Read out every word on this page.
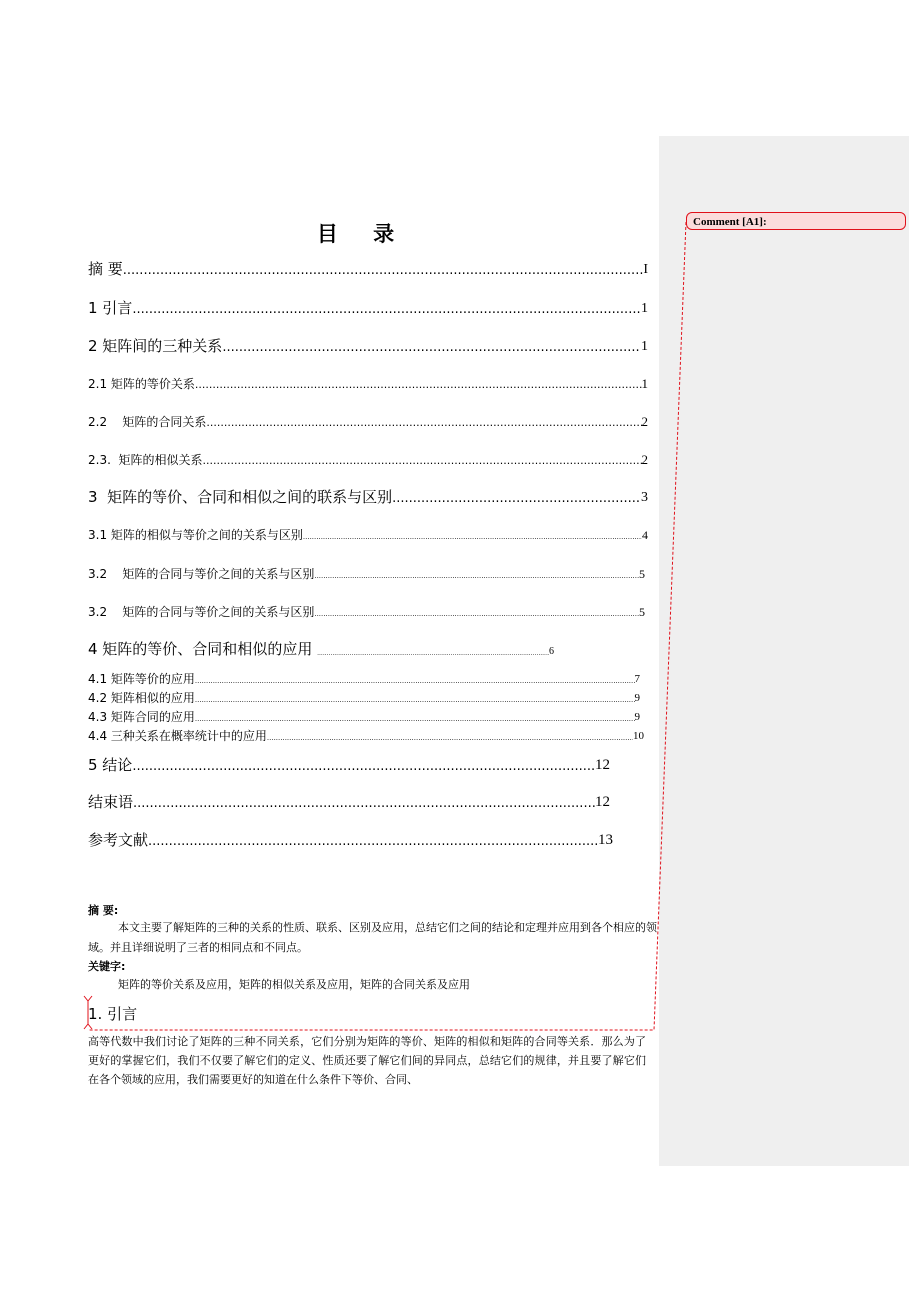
Comment [A1]:
目 录
摘 要 .....	I
1 引言 .....	1
2 矩阵间的三种关系 .....	1
2.1 矩阵的等价关系 .....	1
2.2    矩阵的合同关系 .....	2
2.3.  矩阵的相似关系 .....	2
3  矩阵的等价、合同和相似之间的联系与区别 .....	3
3.1 矩阵的相似与等价之间的关系与区别 .....	4
3.2    矩阵的合同与等价之间的关系与区别 .....	5
3.2    矩阵的合同与等价之间的关系与区别 .....	5
4 矩阵的等价、合同和相似的应用 .....	6
4.1 矩阵等价的应用 .....	7
4.2 矩阵相似的应用 .....	9
4.3 矩阵合同的应用 .....	9
4.4 三种关系在概率统计中的应用 .....	10
5 结论 .....	12
结束语 .....	12
参考文献 .....	13
摘 要:
本文主要了解矩阵的三种的关系的性质、联系、区别及应用，总结它们之间的结论和定理并应用到各个相应的领域。并且详细说明了三者的相同点和不同点。
关键字:
矩阵的等价关系及应用，矩阵的相似关系及应用，矩阵的合同关系及应用
1. 引言
高等代数中我们讨论了矩阵的三种不同关系，它们分别为矩阵的等价、矩阵的相似和矩阵的合同等关系．那么为了更好的掌握它们，我们不仅要了解它们的定义、性质还要了解它们间的异同点，总结它们的规律，并且要了解它们在各个领域的应用，我们需要更好的知道在什么条件下等价、合同、
